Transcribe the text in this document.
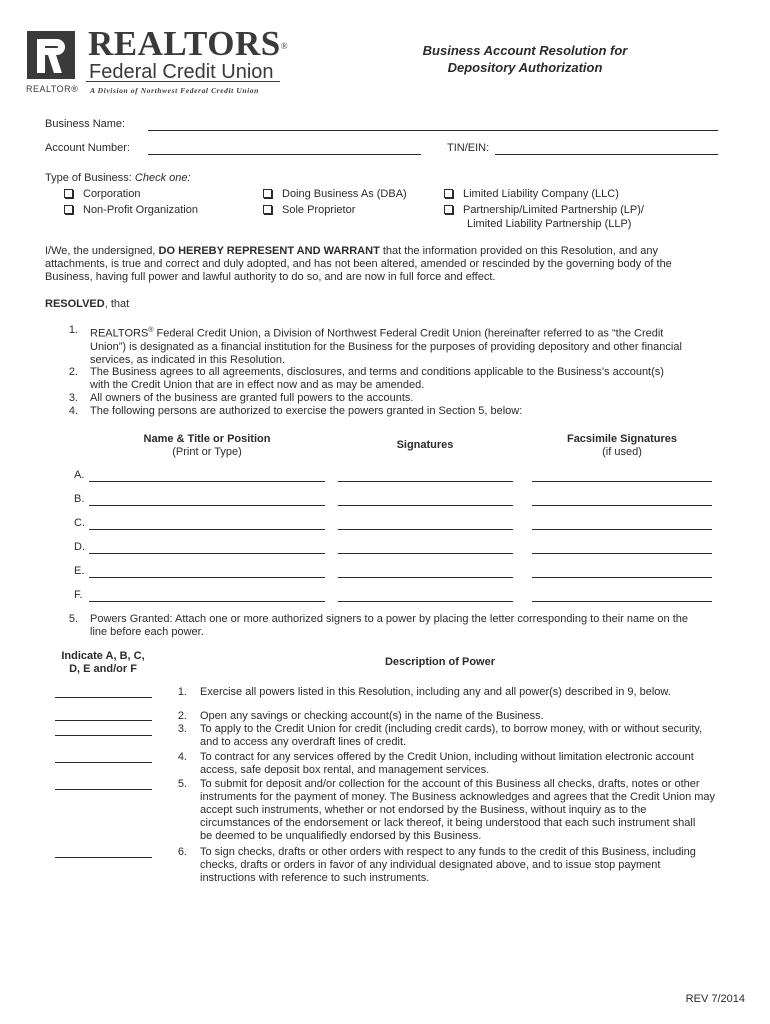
REALTORS®
Federal Credit Union
REALTOR® A Division of Northwest Federal Credit Union
Business Account Resolution for
Depository Authorization
Business Name:
Account Number:	TIN/EIN:
Type of Business: Check one:
Corporation
Non-Profit Organization
Doing Business As (DBA)
Sole Proprietor
Limited Liability Company (LLC)
Partnership/Limited Partnership (LP)/
Limited Liability Partnership (LLP)
I/We, the undersigned, DO HEREBY REPRESENT AND WARRANT that the information provided on this Resolution, and any
attachments, is true and correct and duly adopted, and has not been altered, amended or rescinded by the governing body of the
Business, having full power and lawful authority to do so, and are now in full force and effect.
RESOLVED, that
1. REALTORS® Federal Credit Union, a Division of Northwest Federal Credit Union (hereinafter referred to as “the Credit
Union”) is designated as a financial institution for the Business for the purposes of providing depository and other financial
services, as indicated in this Resolution.
2. The Business agrees to all agreements, disclosures, and terms and conditions applicable to the Business’s account(s)
with the Credit Union that are in effect now and as may be amended.
3. All owners of the business are granted full powers to the accounts.
4. The following persons are authorized to exercise the powers granted in Section 5, below:
Name & Title or Position
(Print or Type)
Signatures	Facsimile Signatures
(if used)
A.
B.
C.
D.
E.
F.
5. Powers Granted: Attach one or more authorized signers to a power by placing the letter corresponding to their name on the
line before each power.
Indicate A, B, C,
D, E and/or F
Description of Power
1. Exercise all powers listed in this Resolution, including any and all power(s) described in 9, below.
2. Open any savings or checking account(s) in the name of the Business.
3. To apply to the Credit Union for credit (including credit cards), to borrow money, with or without security,
and to access any overdraft lines of credit.
4. To contract for any services offered by the Credit Union, including without limitation electronic account
access, safe deposit box rental, and management services.
5. To submit for deposit and/or collection for the account of this Business all checks, drafts, notes or other
instruments for the payment of money. The Business acknowledges and agrees that the Credit Union may
accept such instruments, whether or not endorsed by the Business, without inquiry as to the
circumstances of the endorsement or lack thereof, it being understood that each such instrument shall
be deemed to be unqualifiedly endorsed by this Business.
6. To sign checks, drafts or other orders with respect to any funds to the credit of this Business, including
checks, drafts or orders in favor of any individual designated above, and to issue stop payment
instructions with reference to such instruments.
REV 7/2014
